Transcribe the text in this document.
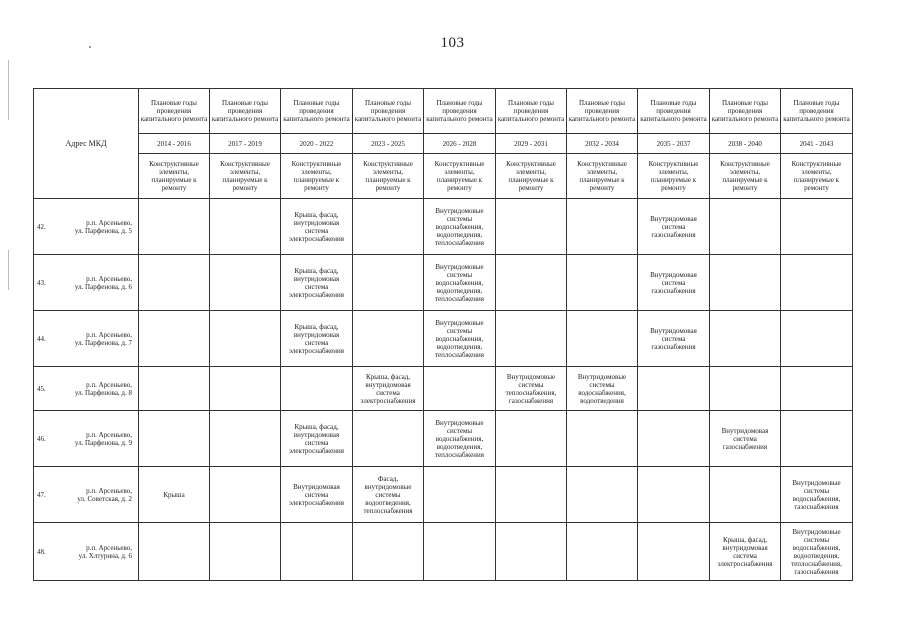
103
Адрес МКД		Плановые годы проведения капитального ремонта	Плановые годы проведения капитального ремонта	Плановые годы проведения капитального ремонта	Плановые годы проведения капитального ремонта	Плановые годы проведения капитального ремонта	Плановые годы проведения капитального ремонта	Плановые годы проведения капитального ремонта	Плановые годы проведения капитального ремонта	Плановые годы проведения капитального ремонта	Плановые годы проведения капитального ремонта
		2014 - 2016	2017 - 2019	2020 - 2022	2023 - 2025	2026 - 2028	2029 - 2031	2032 - 2034	2035 - 2037	2038 - 2040	2041 - 2043
		Конструктивные элементы, планируемые к ремонту	Конструктивные элементы, планируемые к ремонту	Конструктивные элементы, планируемые к ремонту	Конструктивные элементы, планируемые к ремонту	Конструктивные элементы, планируемые к ремонту	Конструктивные элементы, планируемые к ремонту	Конструктивные элементы, планируемые к ремонту	Конструктивные элементы, планируемые к ремонту	Конструктивные элементы, планируемые к ремонту	Конструктивные элементы, планируемые к ремонту
42.	р.п. Арсеньево,
ул. Парфенова, д. 5			Крыша, фасад, внутридомовая система электроснабжения		Внутридомовые системы водоснабжения, водоотведения, теплоснабжения			Внутридомовая система газоснабжения		
43.	р.п. Арсеньево,
ул. Парфенова, д. 6			Крыша, фасад, внутридомовая система электроснабжения		Внутридомовые системы водоснабжения, водоотведения, теплоснабжения			Внутридомовая система газоснабжения		
44.	р.п. Арсеньево,
ул. Парфенова, д. 7			Крыша, фасад, внутридомовая система электроснабжения		Внутридомовые системы водоснабжения, водоотведения, теплоснабжения			Внутридомовая система газоснабжения		
45.	р.п. Арсеньево,
ул. Парфенова, д. 8				Крыша, фасад, внутридомовая система электроснабжения		Внутридомовые системы теплоснабжения, газоснабжения	Внутридомовые системы водоснабжения, водоотведения			
46.	р.п. Арсеньево,
ул. Парфенова, д. 9			Крыша, фасад, внутридомовая система электроснабжения		Внутридомовые системы водоснабжения, водоотведения, теплоснабжения				Внутридомовая система газоснабжения	
47.	р.п. Арсеньево,
ул. Советская, д. 2	Крыша		Внутридомовая система электроснабжения	Фасад, внутридомовые системы водоотведения, теплоснабжения						Внутридомовые системы водоснабжения, газоснабжения
48.	р.п. Арсеньево,
ул. Хлтурина, д. 6									Крыша, фасад, внутридомовая система электроснабжения	Внутридомовые системы водоснабжения, водоотведения, теплоснабжения, газоснабжения
